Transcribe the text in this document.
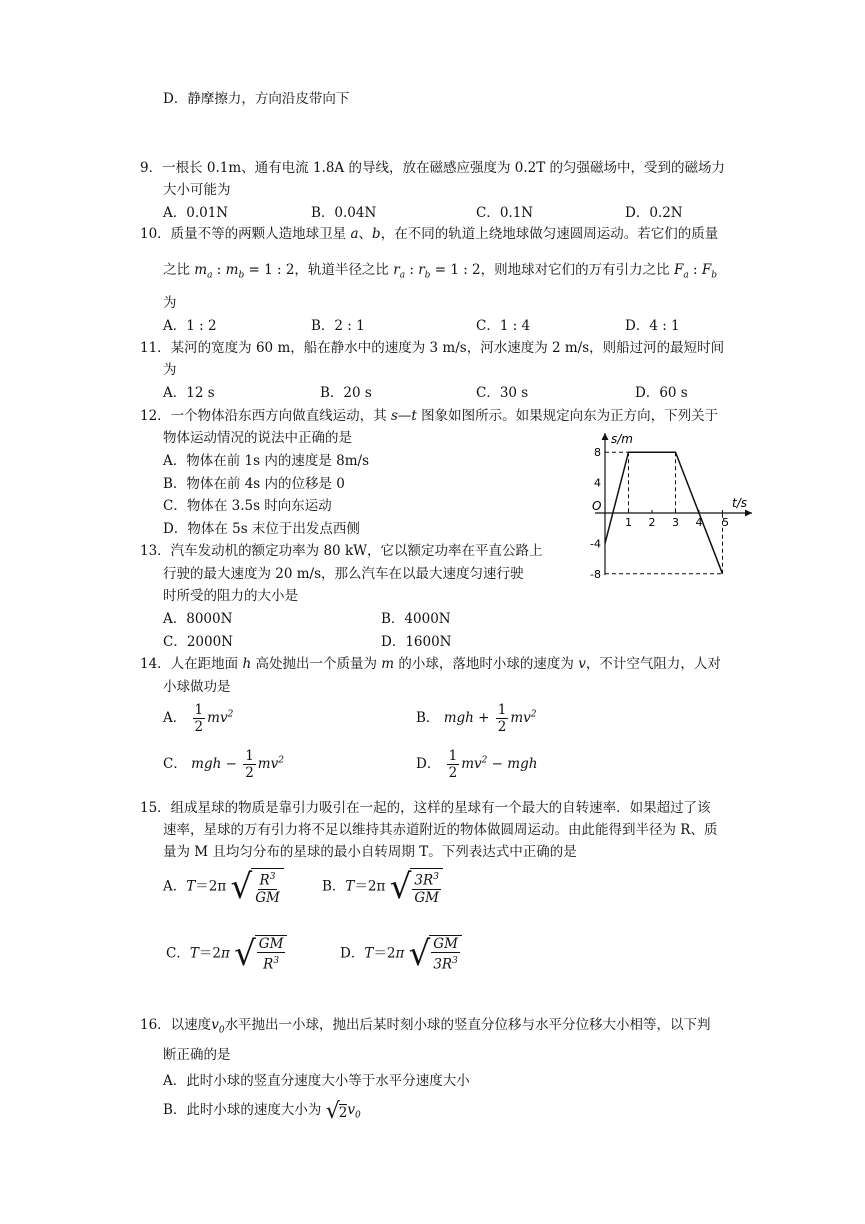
D．静摩擦力，方向沿皮带向下
9．一根长 0.1m、通有电流 1.8A 的导线，放在磁感应强度为 0.2T 的匀强磁场中，受到的磁场力
大小可能为
A．0.01N	B．0.04N	C．0.1N	D．0.2N
10．质量不等的两颗人造地球卫星 a、b，在不同的轨道上绕地球做匀速圆周运动。若它们的质量
之比 $m_a$ : $m_b = 1$ : 2，轨道半径之比 $r_a$ : $r_b = 1$ : 2，则地球对它们的万有引力之比 $F_a$ : $F_b$
为
A．1 : 2	B．2 : 1	C．1 : 4	D．4 : 1
11．某河的宽度为 60 m，船在静水中的速度为 3 m/s，河水速度为 2 m/s，则船过河的最短时间
为
A．12 s	B．20 s	C．30 s	D．60 s
12．一个物体沿东西方向做直线运动，其 s—t 图象如图所示。如果规定向东为正方向，下列关于
物体运动情况的说法中正确的是
A．物体在前 1s 内的速度是 8m/s
B．物体在前 4s 内的位移是 0
C．物体在 3.5s 时向东运动
D．物体在 5s 末位于出发点西侧
8
4
-4
-8
1 2 3 4 5
s/m
t/s
O
13．汽车发动机的额定功率为 80 kW，它以额定功率在平直公路上
行驶的最大速度为 20 m/s，那么汽车在以最大速度匀速行驶
时所受的阻力的大小是
A．8000N	B．4000N
C．2000N	D．1600N
14．人在距地面 h 高处抛出一个质量为 m 的小球，落地时小球的速度为 v，不计空气阻力，人对
小球做功是
A． $\frac{1}{2} mv^2$	B． mgh + $\frac{1}{2} mv^2$
C． mgh − $\frac{1}{2} mv^2$	D． $\frac{1}{2} mv^2$ − mgh
15．组成星球的物质是靠引力吸引在一起的，这样的星球有一个最大的自转速率．如果超过了该
速率，星球的万有引力将不足以维持其赤道附近的物体做圆周运动。由此能得到半径为 R、质
量为 M 且均匀分布的星球的最小自转周期 T。下列表达式中正确的是
A．T＝2π √ $\frac{R^3}{GM}$	B．T＝2π √ $\frac{3R^3}{GM}$
C．T＝2π √ $\frac{GM}{R^3}$	D．T＝2π √ $\frac{GM}{3R^3}$
16．以速度$v_0$水平抛出一小球，抛出后某时刻小球的竖直分位移与水平分位移大小相等，以下判
断正确的是
A．此时小球的竖直分速度大小等于水平分速度大小
B．此时小球的速度大小为 √ 2 $v_0$
